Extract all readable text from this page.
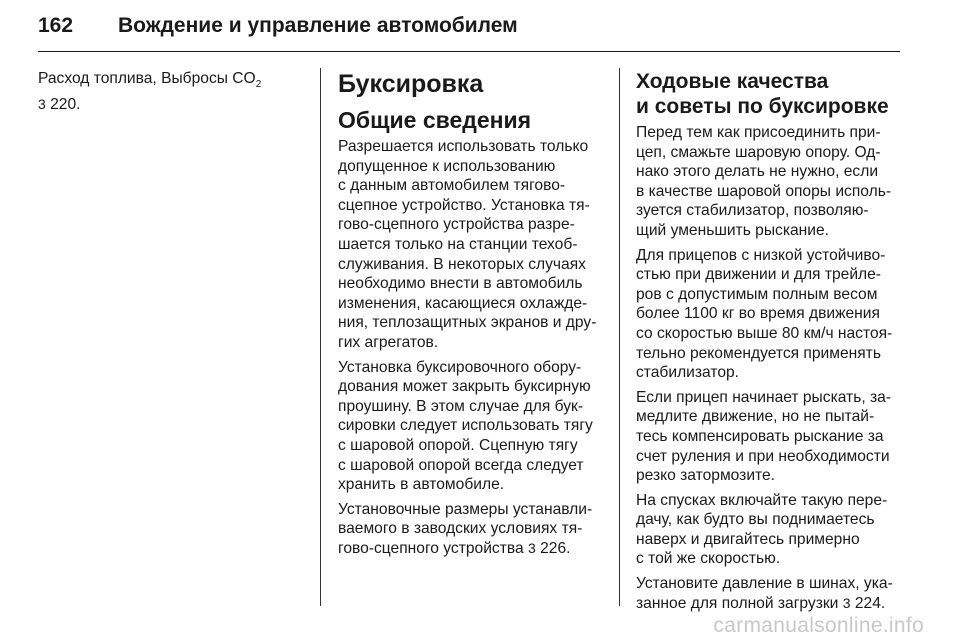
162	Вождение и управление автомобилем

Расход топлива, Выбросы $CO_2$
3 220.

Буксировка
Общие сведения

Разрешается использовать только
допущенное к использованию
с данным автомобилем тягово-
сцепное устройство. Установка тя-
гово-сцепного устройства разре-
шается только на станции техоб-
служивания. В некоторых случаях
необходимо внести в автомобиль
изменения, касающиеся охлажде-
ния, теплозащитных экранов и дру-
гих агрегатов.

Установка буксировочного обору-
дования может закрыть буксирную
проушину. В этом случае для бук-
сировки следует использовать тягу
с шаровой опорой. Сцепную тягу
с шаровой опорой всегда следует
хранить в автомобиле.

Установочные размеры устанавли-
ваемого в заводских условиях тя-
гово-сцепного устройства 3 226.

Ходовые качества
и советы по буксировке

Перед тем как присоединить при-
цеп, смажьте шаровую опору. Од-
нако этого делать не нужно, если
в качестве шаровой опоры исполь-
зуется стабилизатор, позволяю-
щий уменьшить рыскание.

Для прицепов с низкой устойчиво-
стью при движении и для трейле-
ров с допустимым полным весом
более 1100 кг во время движения
со скоростью выше 80 км/ч настоя-
тельно рекомендуется применять
стабилизатор.

Если прицеп начинает рыскать, за-
медлите движение, но не пытай-
тесь компенсировать рыскание за
счет руления и при необходимости
резко затормозите.

На спусках включайте такую пере-
дачу, как будто вы поднимаетесь
наверх и двигайтесь примерно
с той же скоростью.

Установите давление в шинах, ука-
занное для полной загрузки 3 224.

carmanualsonline.info
